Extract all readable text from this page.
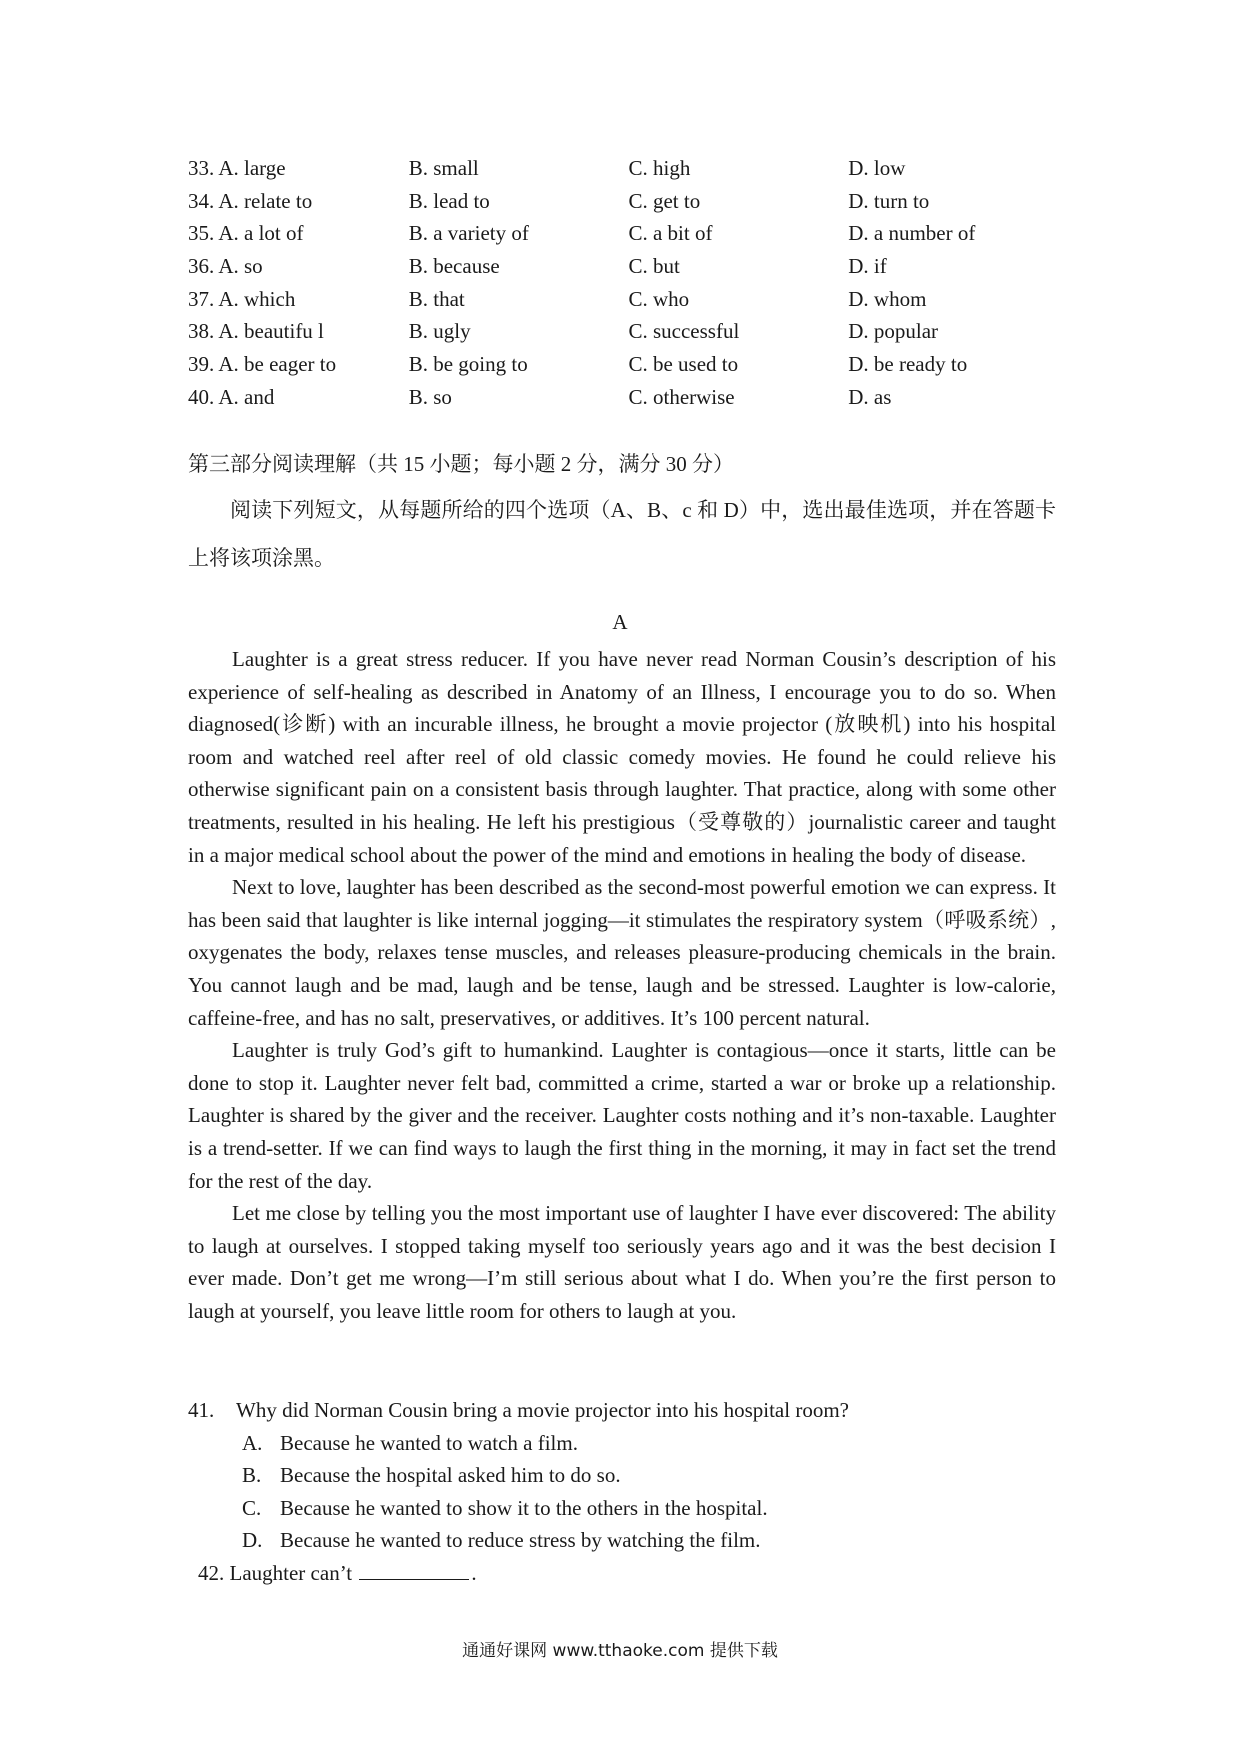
33. A. large	B. small	C. high	D. low
34. A. relate to	B. lead to	C. get to	D. turn to
35. A. a lot of	B. a variety of	C. a bit of	D. a number of
36. A. so	B. because	C. but	D. if
37. A. which	B. that	C. who	D. whom
38. A. beautifu l	B. ugly	C. successful	D. popular
39. A. be eager to	B. be going to	C. be used to	D. be ready to
40. A. and	B. so	C. otherwise	D. as
第三部分阅读理解（共 15 小题；每小题 2 分，满分 30 分）
阅读下列短文，从每题所给的四个选项（A、B、c 和 D）中，选出最佳选项，并在答题卡上将该项涂黑。
A

Laughter is a great stress reducer. If you have never read Norman Cousin’s description of his experience of self-healing as described in Anatomy of an Illness, I encourage you to do so. When diagnosed(诊断) with an incurable illness, he brought a movie projector (放映机) into his hospital room and watched reel after reel of old classic comedy movies. He found he could relieve his otherwise significant pain on a consistent basis through laughter. That practice, along with some other treatments, resulted in his healing. He left his prestigious（受尊敬的）journalistic career and taught in a major medical school about the power of the mind and emotions in healing the body of disease.

Next to love, laughter has been described as the second-most powerful emotion we can express. It has been said that laughter is like internal jogging—it stimulates the respiratory system（呼吸系统）, oxygenates the body, relaxes tense muscles, and releases pleasure-producing chemicals in the brain. You cannot laugh and be mad, laugh and be tense, laugh and be stressed. Laughter is low-calorie, caffeine-free, and has no salt, preservatives, or additives. It’s 100 percent natural.

Laughter is truly God’s gift to humankind. Laughter is contagious—once it starts, little can be done to stop it. Laughter never felt bad, committed a crime, started a war or broke up a relationship. Laughter is shared by the giver and the receiver. Laughter costs nothing and it’s non-taxable. Laughter is a trend-setter. If we can find ways to laugh the first thing in the morning, it may in fact set the trend for the rest of the day.

Let me close by telling you the most important use of laughter I have ever discovered: The ability to laugh at ourselves. I stopped taking myself too seriously years ago and it was the best decision I ever made. Don’t get me wrong—I’m still serious about what I do. When you’re the first person to laugh at yourself, you leave little room for others to laugh at you.

41. Why did Norman Cousin bring a movie projector into his hospital room?
A. Because he wanted to watch a film.
B. Because the hospital asked him to do so.
C. Because he wanted to show it to the others in the hospital.
D. Because he wanted to reduce stress by watching the film.
42. Laughter can’t	.
通通好课网 www.tthaoke.com 提供下载
